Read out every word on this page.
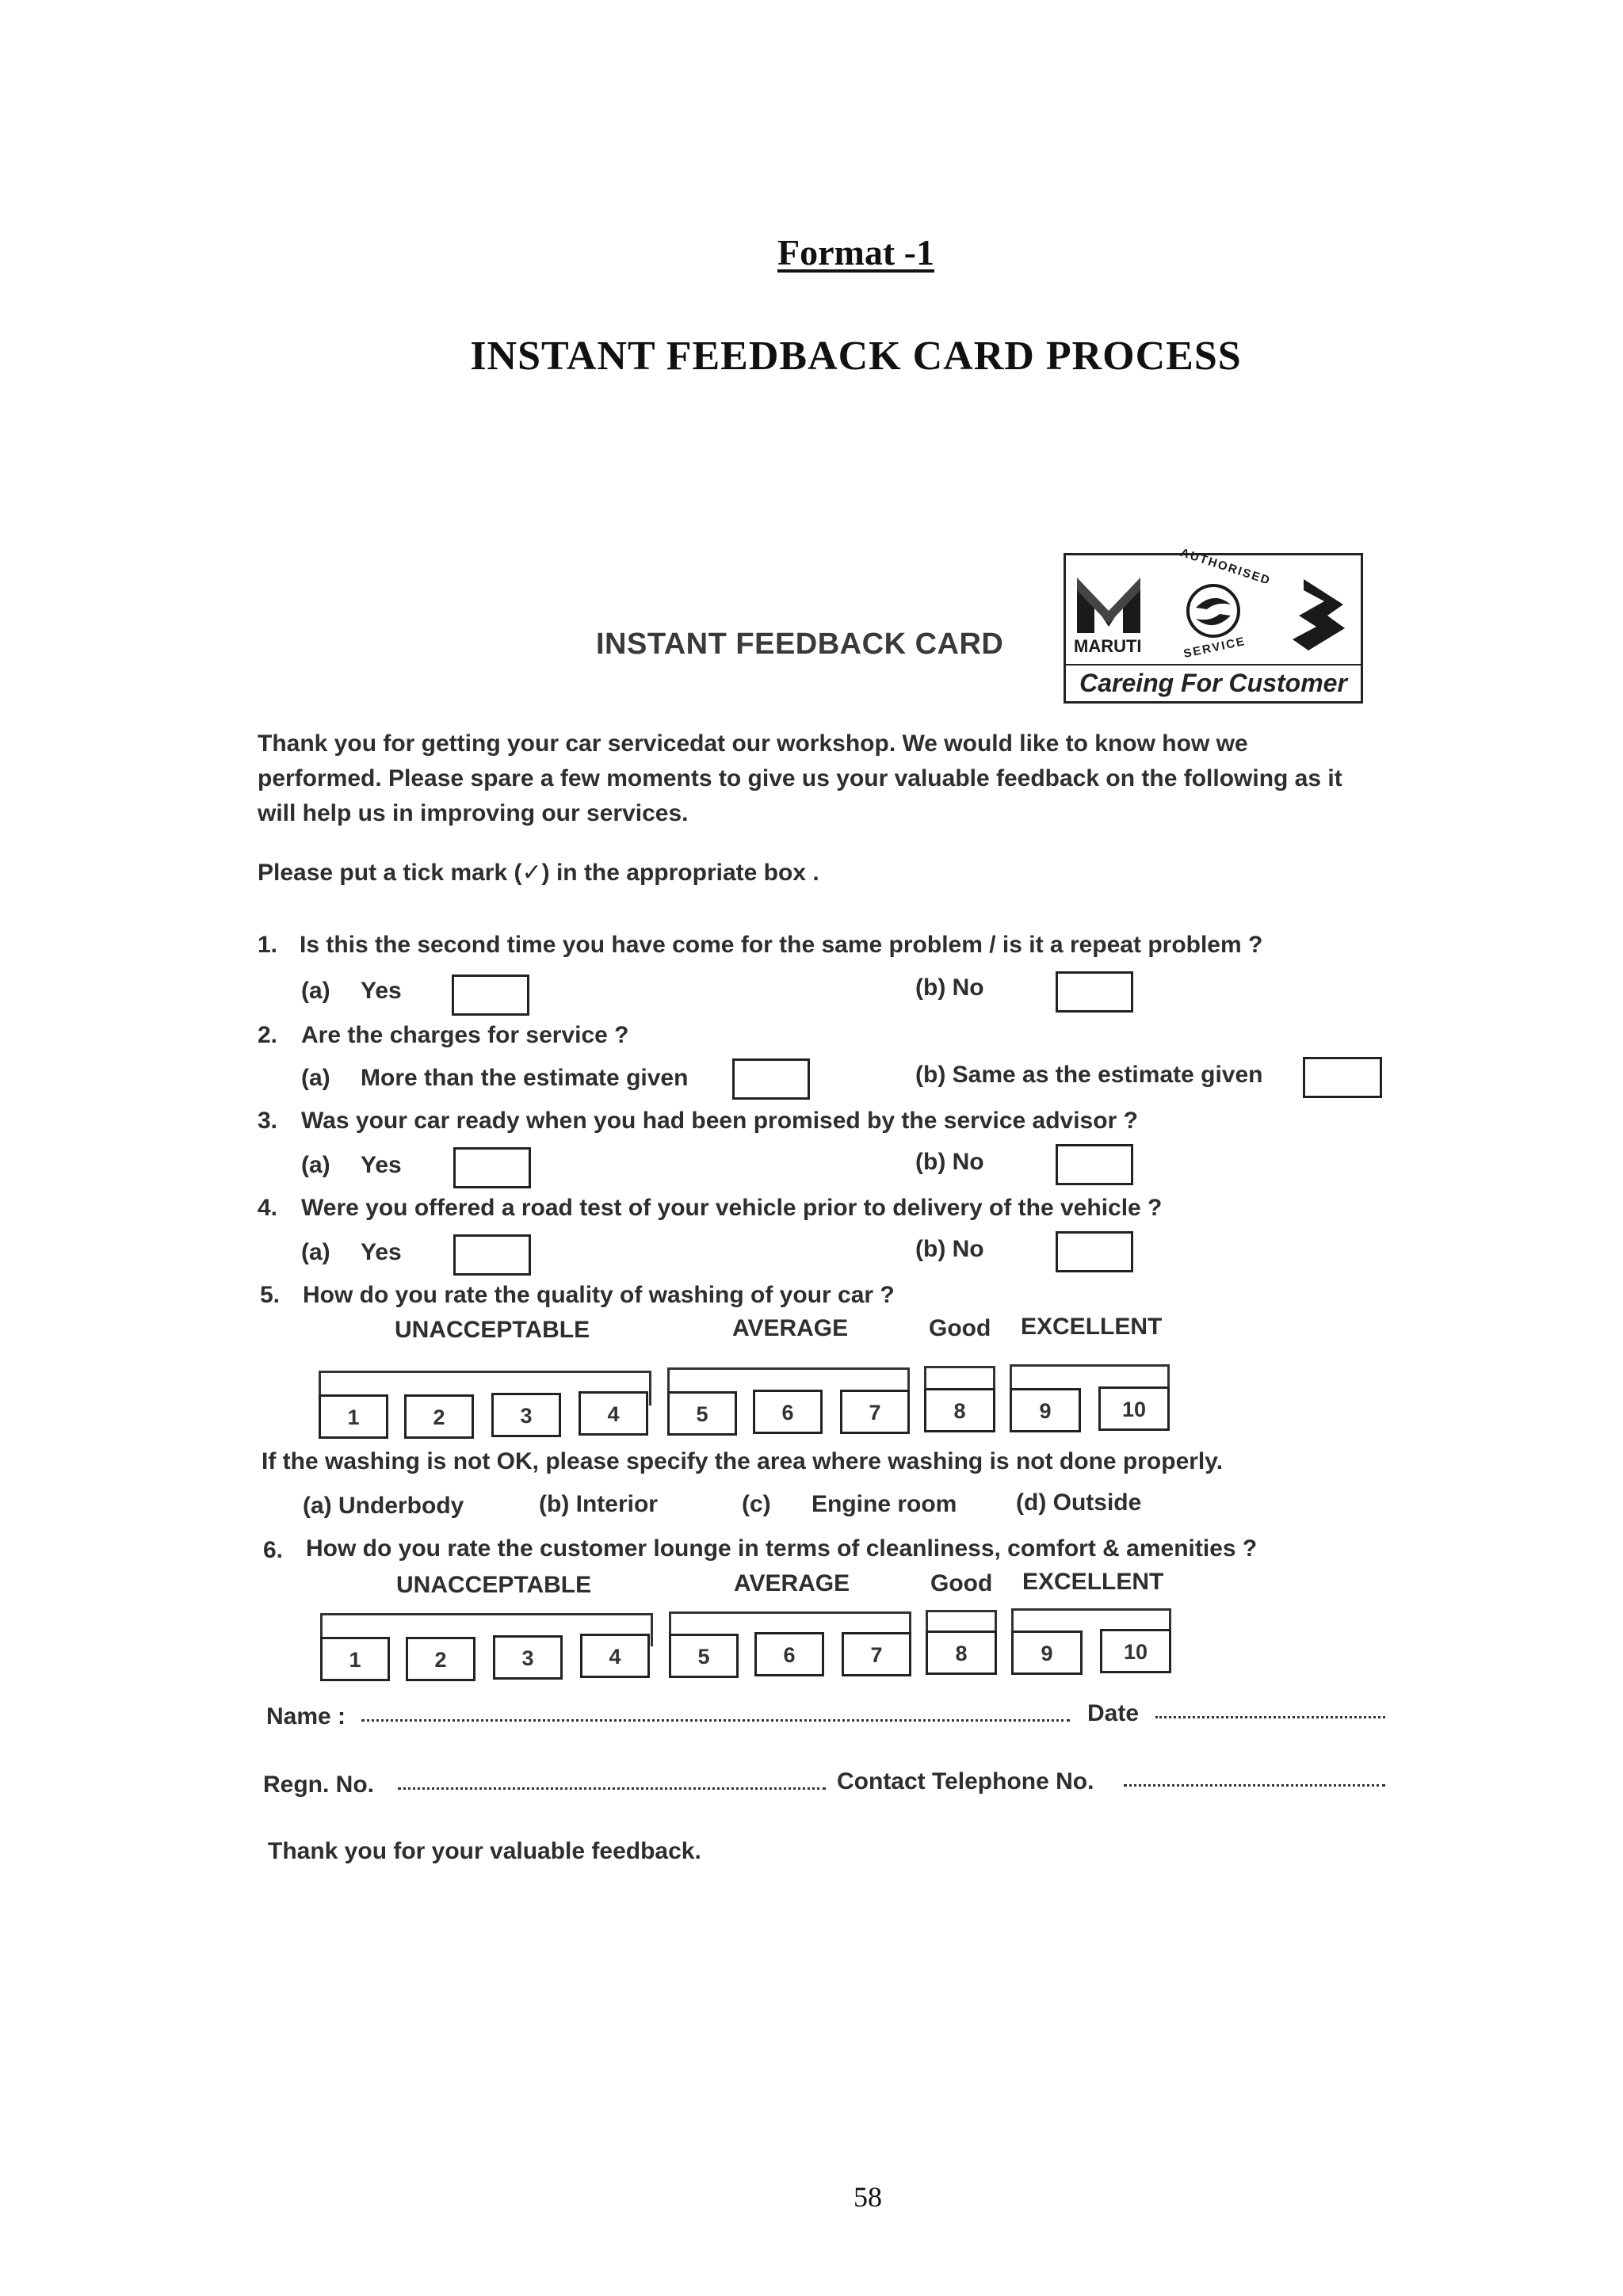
Format -1
INSTANT FEEDBACK CARD PROCESS
INSTANT FEEDBACK CARD	MARUTI
AUTHORISED
SERVICE
Careing For Customer
Thank you for getting your car servicedat our workshop. We would like to know how we
performed. Please spare a few moments to give us your valuable feedback on the following as it
will help us in improving our services.
Please put a tick mark (✓) in the appropriate box .
1. Is this the second time you have come for the same problem / is it a repeat problem ?
(a) Yes	(b) No
2. Are the charges for service ?
(a) More than the estimate given	(b) Same as the estimate given
3. Was your car ready when you had been promised by the service advisor ?
(a) Yes	(b) No
4. Were you offered a road test of your vehicle prior to delivery of the vehicle ?
(a) Yes	(b) No
5. How do you rate the quality of washing of your car ?
UNACCEPTABLE	AVERAGE	Good EXCELLENT
1	2	3	4	5	6	7	8	9	10
If the washing is not OK, please specify the area where washing is not done properly.
(a) Underbody	(b) Interior	(c) Engine room (d) Outside
6. How do you rate the customer lounge in terms of cleanliness, comfort & amenities ?
UNACCEPTABLE	AVERAGE	Good EXCELLENT
1	2	3	4	5	6	7	8	9	10
Name :	Date
Regn. No.	Contact Telephone No.
Thank you for your valuable feedback.
58
